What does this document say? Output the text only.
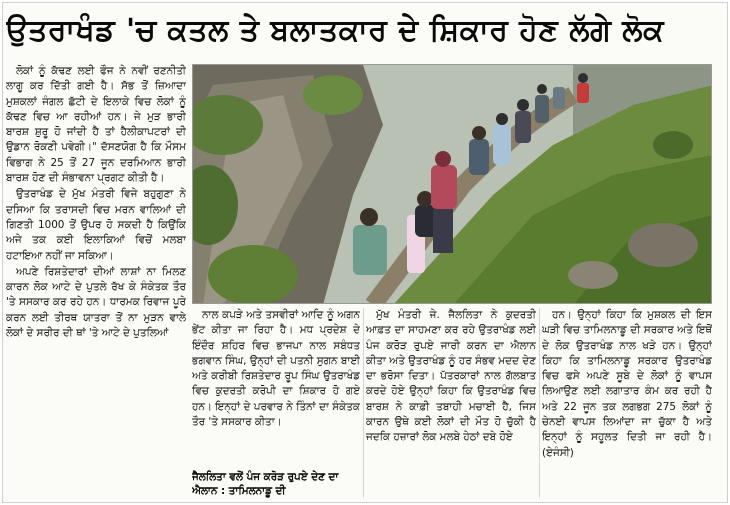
ਉਤਰਾਖੰਡ 'ਚ ਕਤਲ ਤੇ ਬਲਾਤਕਾਰ ਦੇ ਸ਼ਿਕਾਰ ਹੋਣ ਲੱਗੇ ਲੋਕ

ਲੋਕਾਂ ਨੂੰ ਕੱਢਣ ਲਈ ਫੌਜ ਨੇ ਨਵੀਂ ਰਣਨੀਤੀ ਲਾਗੂ ਕਰ ਦਿੱਤੀ ਗਈ ਹੈ। ਸੱਭ ਤੋਂ ਜ਼ਿਆਦਾ ਮੁਸ਼ਕਲਾਂ ਜੰਗਲ ਛੱਟੀ ਦੇ ਇਲਾਕੇ ਵਿਚ ਲੋਕਾਂ ਨੂੰ ਕੱਢਣ ਵਿਚ ਆ ਰਹੀਆਂ ਹਨ। ਜੇ ਮੁੜ ਭਾਰੀ ਬਾਰਸ਼ ਸ਼ੁਰੂ ਹੋ ਜਾਂਦੀ ਹੈ ਤਾਂ ਹੈਲੀਕਾਪਟਰਾਂ ਦੀ ਉਡਾਨ ਰੋਕਣੀ ਪਵੇਗੀ।" ਦੱਸਣਯੋਗ ਹੈ ਕਿ ਮੌਸਮ ਵਿਭਾਗ ਨੇ 25 ਤੋਂ 27 ਜੂਨ ਦਰਮਿਆਨ ਭਾਰੀ ਬਾਰਸ਼ ਹੋਣ ਦੀ ਸੰਭਾਵਨਾ ਪ੍ਰਗਟ ਕੀਤੀ ਹੈ।

ਉਤਰਾਖੰਡ ਦੇ ਮੁੱਖ ਮੰਤਰੀ ਵਿਜੇ ਬਹੁਗੁਣਾ ਨੇ ਦਸਿਆ ਕਿ ਤਰਾਸਦੀ ਵਿਚ ਮਰਨ ਵਾਲਿਆਂ ਦੀ ਗਿਣਤੀ 1000 ਤੋਂ ਉਪਰ ਹੋ ਸਕਦੀ ਹੈ ਕਿਉਂਕਿ ਅਜੇ ਤਕ ਕਈ ਇਲਾਕਿਆਂ ਵਿਚੋਂ ਮਲਬਾ ਹਟਾਇਆ ਨਹੀਂ ਜਾ ਸਕਿਆ।

ਅਪਣੇ ਰਿਸ਼ਤੇਦਾਰਾਂ ਦੀਆਂ ਲਾਸ਼ਾਂ ਨਾ ਮਿਲਣ ਕਾਰਨ ਲੋਕ ਆਟੇ ਦੇ ਪੁਤਲੇ ਰੱਖ ਕੇ ਸੰਕੇਤਕ ਤੌਰ 'ਤੇ ਸਸਕਾਰ ਕਰ ਰਹੇ ਹਨ। ਧਾਰਮਕ ਰਿਵਾਜ ਪੂਰੇ ਕਰਨ ਲਈ ਤੀਰਥ ਯਾਤਰਾ ਤੋਂ ਨਾ ਮੁੜਨ ਵਾਲੇ ਲੋਕਾਂ ਦੇ ਸਰੀਰ ਦੀ ਥਾਂ 'ਤੇ ਆਟੇ ਦੇ ਪੁਤਲਿਆਂ

ਨਾਲ ਕਪੜੇ ਅਤੇ ਤਸਵੀਰਾਂ ਆਦਿ ਨੂੰ ਅਗਨ ਭੇਂਟ ਕੀਤਾ ਜਾ ਰਿਹਾ ਹੈ। ਮਧ ਪ੍ਰਦੇਸ਼ ਦੇ ਇੰਦੌਰ ਸ਼ਹਿਰ ਵਿਚ ਭਾਜਪਾ ਨਾਲ ਸਬੰਧਤ ਭਗਵਾਨ ਸਿੰਘ, ਉਨ੍ਹਾਂ ਦੀ ਪਤਨੀ ਸੁਗਨ ਬਾਈ ਅਤੇ ਕਰੀਬੀ ਰਿਸ਼ਤੇਦਾਰ ਰੂਪ ਸਿੰਘ ਉਤਰਾਖੰਡ ਵਿਚ ਕੁਦਰਤੀ ਕਰੋਪੀ ਦਾ ਸ਼ਿਕਾਰ ਹੋ ਗਏ ਹਨ। ਇਨ੍ਹਾਂ ਦੇ ਪਰਵਾਰ ਨੇ ਤਿੰਨਾਂ ਦਾ ਸੰਕੇਤਕ ਤੌਰ 'ਤੇ ਸਸਕਾਰ ਕੀਤਾ।

ਜੈਲਲਿਤਾ ਵਲੋਂ ਪੰਜ ਕਰੋੜ ਰੁਪਏ ਦੇਣ ਦਾ ਐਲਾਨ : ਤਾਮਿਲਨਾਡੂ ਦੀ

ਮੁੱਖ ਮੰਤਰੀ ਜੇ. ਜੈਲਲਿਤਾ ਨੇ ਕੁਦਰਤੀ ਆਫ਼ਤ ਦਾ ਸਾਹਮਣਾ ਕਰ ਰਹੇ ਉਤਰਾਖੰਡ ਲਈ ਪੰਜ ਕਰੋੜ ਰੁਪਏ ਜਾਰੀ ਕਰਨ ਦਾ ਐਲਾਨ ਕੀਤਾ ਅਤੇ ਉਤਰਾਖੰਡ ਨੂੰ ਹਰ ਸੰਭਵ ਮਦਦ ਦੇਣ ਦਾ ਭਰੋਸਾ ਦਿਤਾ। ਪੱਤਰਕਾਰਾਂ ਨਾਲ ਗੱਲਬਾਤ ਕਰਦੇ ਹੋਏ ਉਨ੍ਹਾਂ ਕਿਹਾ ਕਿ ਉਤਰਾਖੰਡ ਵਿਚ ਬਾਰਸ਼ ਨੇ ਕਾਫ਼ੀ ਤਬਾਹੀ ਮਚਾਈ ਹੈ, ਜਿਸ ਕਾਰਨ ਉਥੇ ਕਈ ਲੋਕਾਂ ਦੀ ਮੌਤ ਹੋ ਚੁੱਕੀ ਹੈ ਜਦਕਿ ਹਜ਼ਾਰਾਂ ਲੋਕ ਮਲਬੇ ਹੇਠਾਂ ਦਬੇ ਹੋਏ

ਹਨ। ਉਨ੍ਹਾਂ ਕਿਹਾ ਕਿ ਮੁਸ਼ਕਲ ਦੀ ਇਸ ਘੜੀ ਵਿਚ ਤਾਮਿਲਨਾਡੂ ਦੀ ਸਰਕਾਰ ਅਤੇ ਇਥੋਂ ਦੇ ਲੋਕ ਉਤਰਾਖੰਡ ਨਾਲ ਖੜੇ ਹਨ। ਉਨ੍ਹਾਂ ਕਿਹਾ ਕਿ ਤਾਮਿਲਨਾਡੂ ਸਰਕਾਰ ਉਤਰਾਖੰਡ ਵਿਚ ਫਸੇ ਅਪਣੇ ਸੂਬੇ ਦੇ ਲੋਕਾਂ ਨੂੰ ਵਾਪਸ ਲਿਆਉਣ ਲਈ ਲਗਾਤਾਰ ਕੰਮ ਕਰ ਰਹੀ ਹੈ ਅਤੇ 22 ਜੂਨ ਤਕ ਲਗਭਗ 275 ਲੋਕਾਂ ਨੂੰ ਚੇਨਈ ਵਾਪਸ ਲਿਆਂਦਾ ਜਾ ਚੁੱਕਾ ਹੈ ਅਤੇ ਇਨ੍ਹਾਂ ਨੂੰ ਸਹੂਲਤ ਦਿਤੀ ਜਾ ਰਹੀ ਹੈ। (ਏਜੰਸੀ)
